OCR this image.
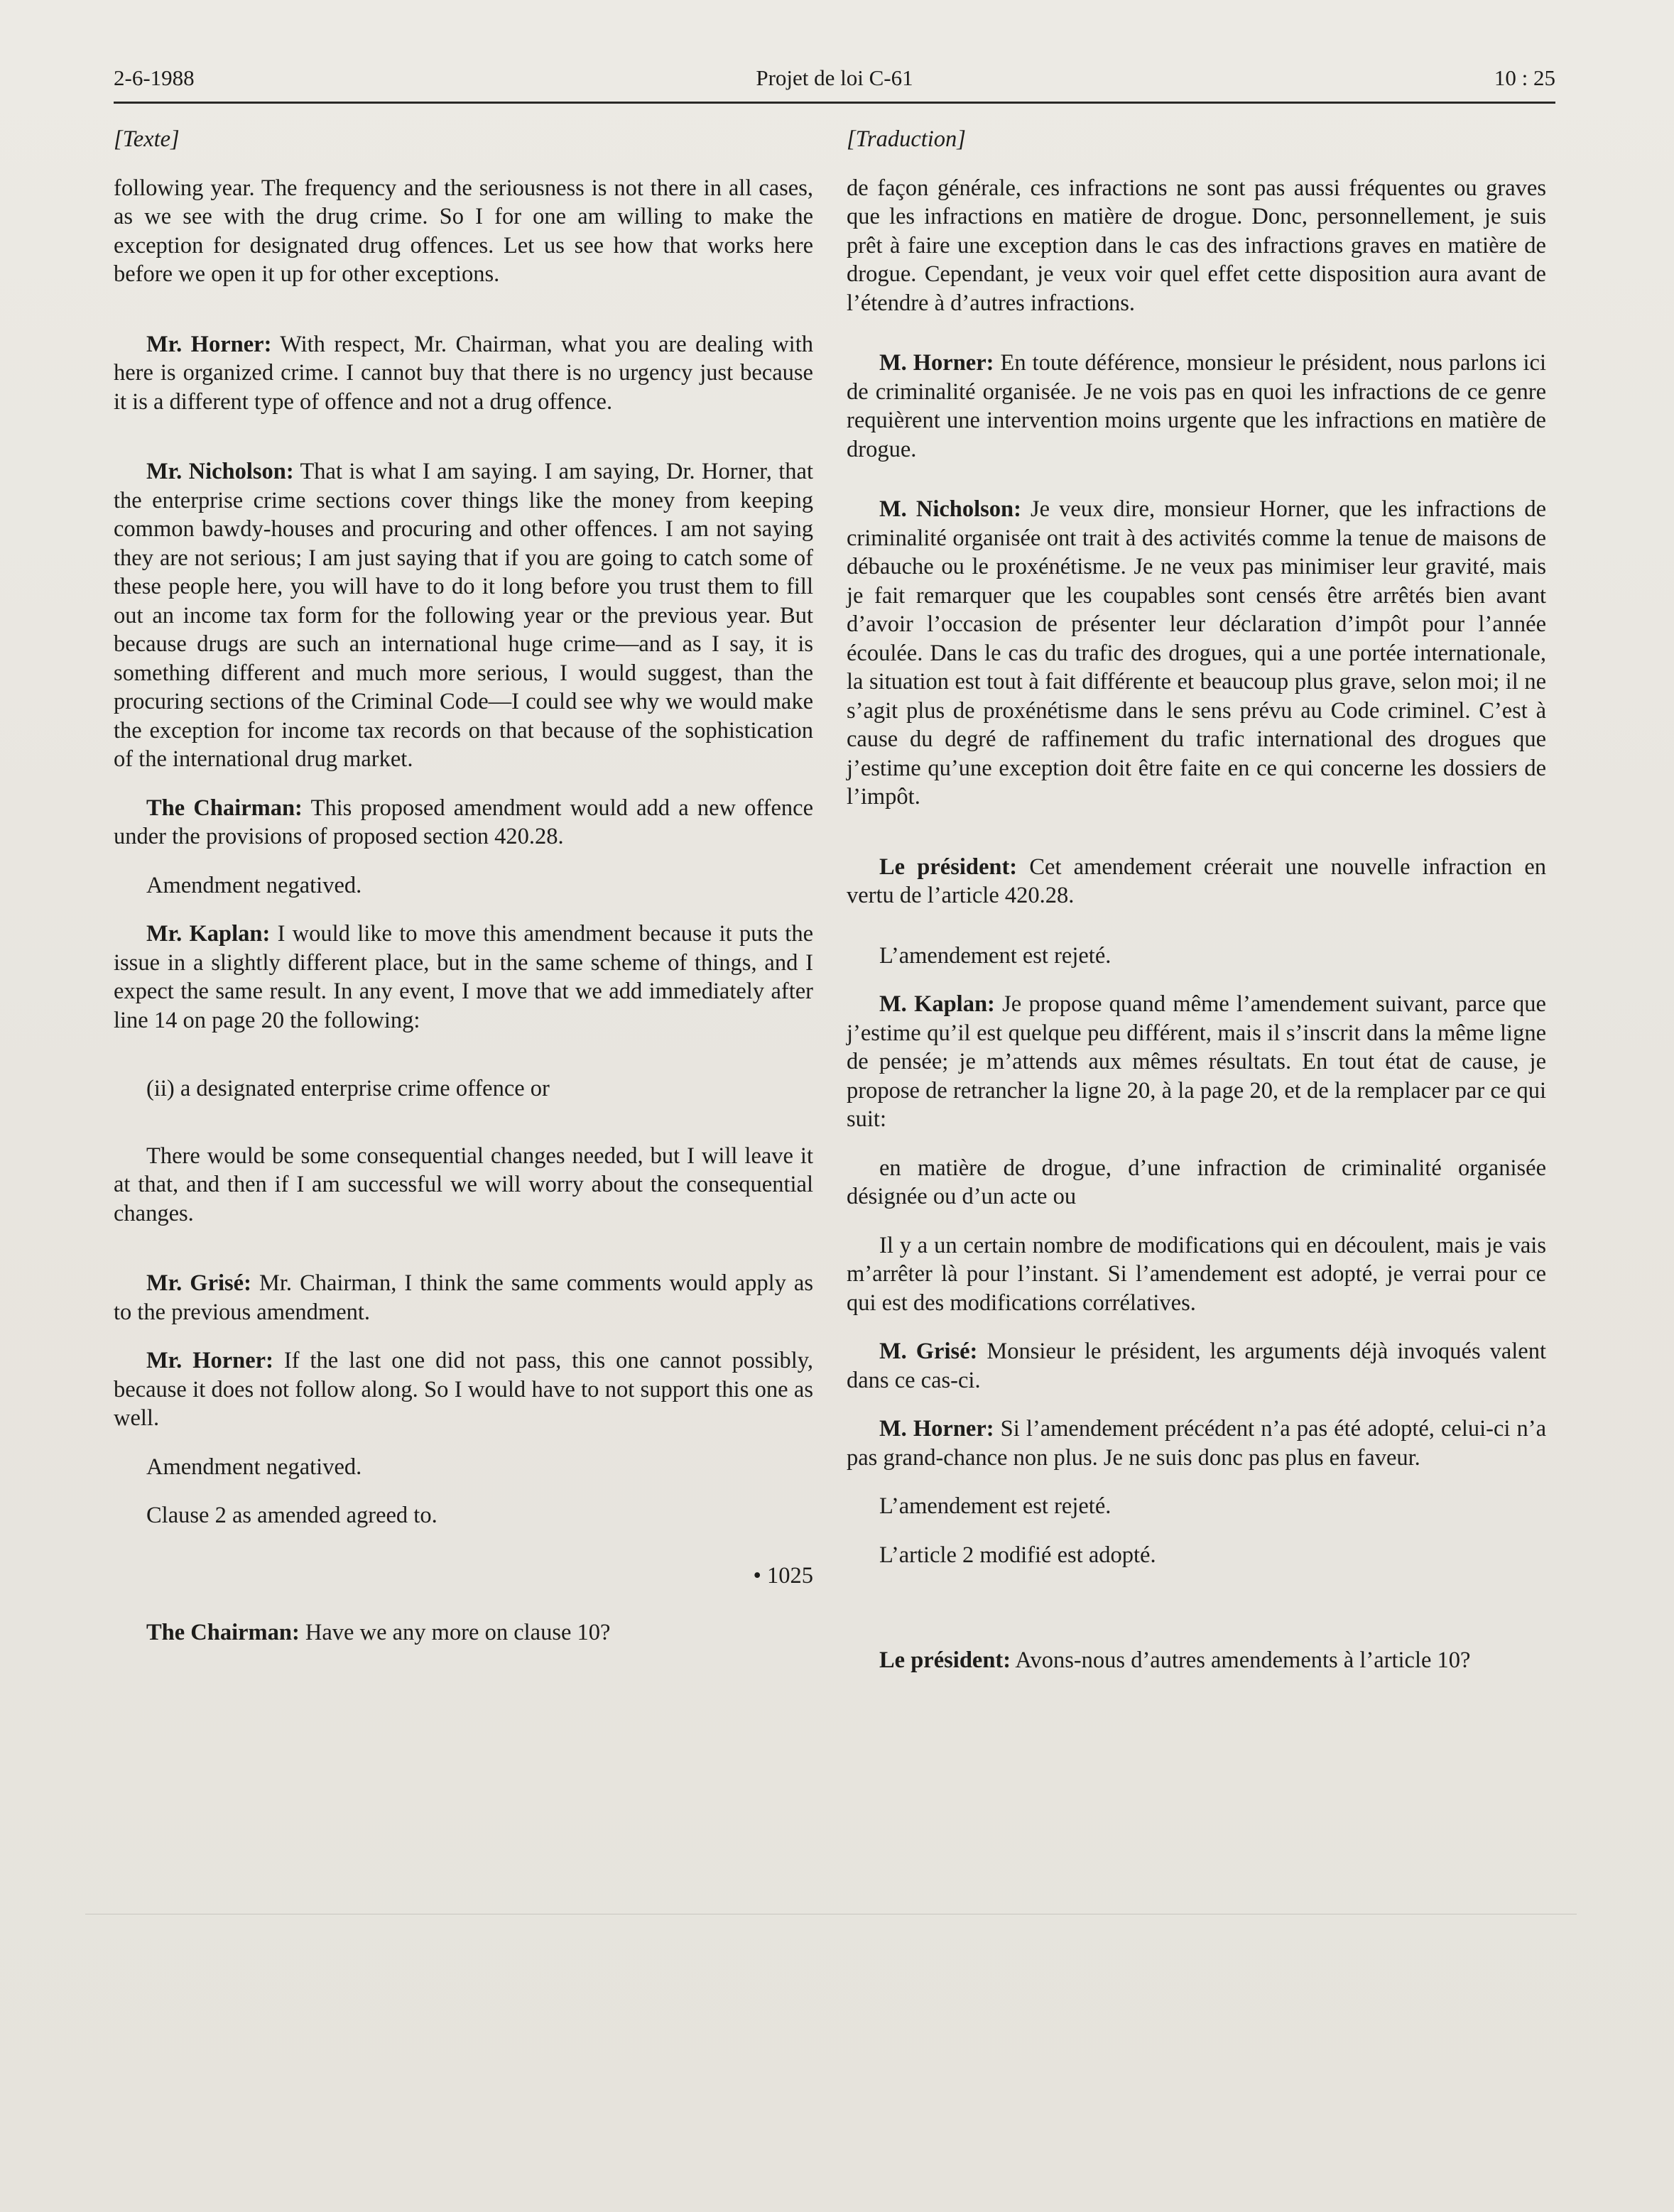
2-6-1988	Projet de loi C-61	10 : 25

[Texte]

following year. The frequency and the seriousness is not there in all cases, as we see with the drug crime. So I for one am willing to make the exception for designated drug offences. Let us see how that works here before we open it up for other exceptions.

Mr. Horner: With respect, Mr. Chairman, what you are dealing with here is organized crime. I cannot buy that there is no urgency just because it is a different type of offence and not a drug offence.

Mr. Nicholson: That is what I am saying. I am saying, Dr. Horner, that the enterprise crime sections cover things like the money from keeping common bawdy-houses and procuring and other offences. I am not saying they are not serious; I am just saying that if you are going to catch some of these people here, you will have to do it long before you trust them to fill out an income tax form for the following year or the previous year. But because drugs are such an international huge crime—and as I say, it is something different and much more serious, I would suggest, than the procuring sections of the Criminal Code—I could see why we would make the exception for income tax records on that because of the sophistication of the international drug market.

The Chairman: This proposed amendment would add a new offence under the provisions of proposed section 420.28.

Amendment negatived.

Mr. Kaplan: I would like to move this amendment because it puts the issue in a slightly different place, but in the same scheme of things, and I expect the same result. In any event, I move that we add immediately after line 14 on page 20 the following:

(ii) a designated enterprise crime offence or

There would be some consequential changes needed, but I will leave it at that, and then if I am successful we will worry about the consequential changes.

Mr. Grisé: Mr. Chairman, I think the same comments would apply as to the previous amendment.

Mr. Horner: If the last one did not pass, this one cannot possibly, because it does not follow along. So I would have to not support this one as well.

Amendment negatived.

Clause 2 as amended agreed to.

• 1025

The Chairman: Have we any more on clause 10?

[Traduction]

de façon générale, ces infractions ne sont pas aussi fréquentes ou graves que les infractions en matière de drogue. Donc, personnellement, je suis prêt à faire une exception dans le cas des infractions graves en matière de drogue. Cependant, je veux voir quel effet cette disposition aura avant de l’étendre à d’autres infractions.

M. Horner: En toute déférence, monsieur le président, nous parlons ici de criminalité organisée. Je ne vois pas en quoi les infractions de ce genre requièrent une intervention moins urgente que les infractions en matière de drogue.

M. Nicholson: Je veux dire, monsieur Horner, que les infractions de criminalité organisée ont trait à des activités comme la tenue de maisons de débauche ou le proxénétisme. Je ne veux pas minimiser leur gravité, mais je fait remarquer que les coupables sont censés être arrêtés bien avant d’avoir l’occasion de présenter leur déclaration d’impôt pour l’année écoulée. Dans le cas du trafic des drogues, qui a une portée internationale, la situation est tout à fait différente et beaucoup plus grave, selon moi; il ne s’agit plus de proxénétisme dans le sens prévu au Code criminel. C’est à cause du degré de raffinement du trafic international des drogues que j’estime qu’une exception doit être faite en ce qui concerne les dossiers de l’impôt.

Le président: Cet amendement créerait une nouvelle infraction en vertu de l’article 420.28.

L’amendement est rejeté.

M. Kaplan: Je propose quand même l’amendement suivant, parce que j’estime qu’il est quelque peu différent, mais il s’inscrit dans la même ligne de pensée; je m’attends aux mêmes résultats. En tout état de cause, je propose de retrancher la ligne 20, à la page 20, et de la remplacer par ce qui suit:

en matière de drogue, d’une infraction de criminalité organisée désignée ou d’un acte ou

Il y a un certain nombre de modifications qui en découlent, mais je vais m’arrêter là pour l’instant. Si l’amendement est adopté, je verrai pour ce qui est des modifications corrélatives.

M. Grisé: Monsieur le président, les arguments déjà invoqués valent dans ce cas-ci.

M. Horner: Si l’amendement précédent n’a pas été adopté, celui-ci n’a pas grand-chance non plus. Je ne suis donc pas plus en faveur.

L’amendement est rejeté.

L’article 2 modifié est adopté.

Le président: Avons-nous d’autres amendements à l’article 10?
